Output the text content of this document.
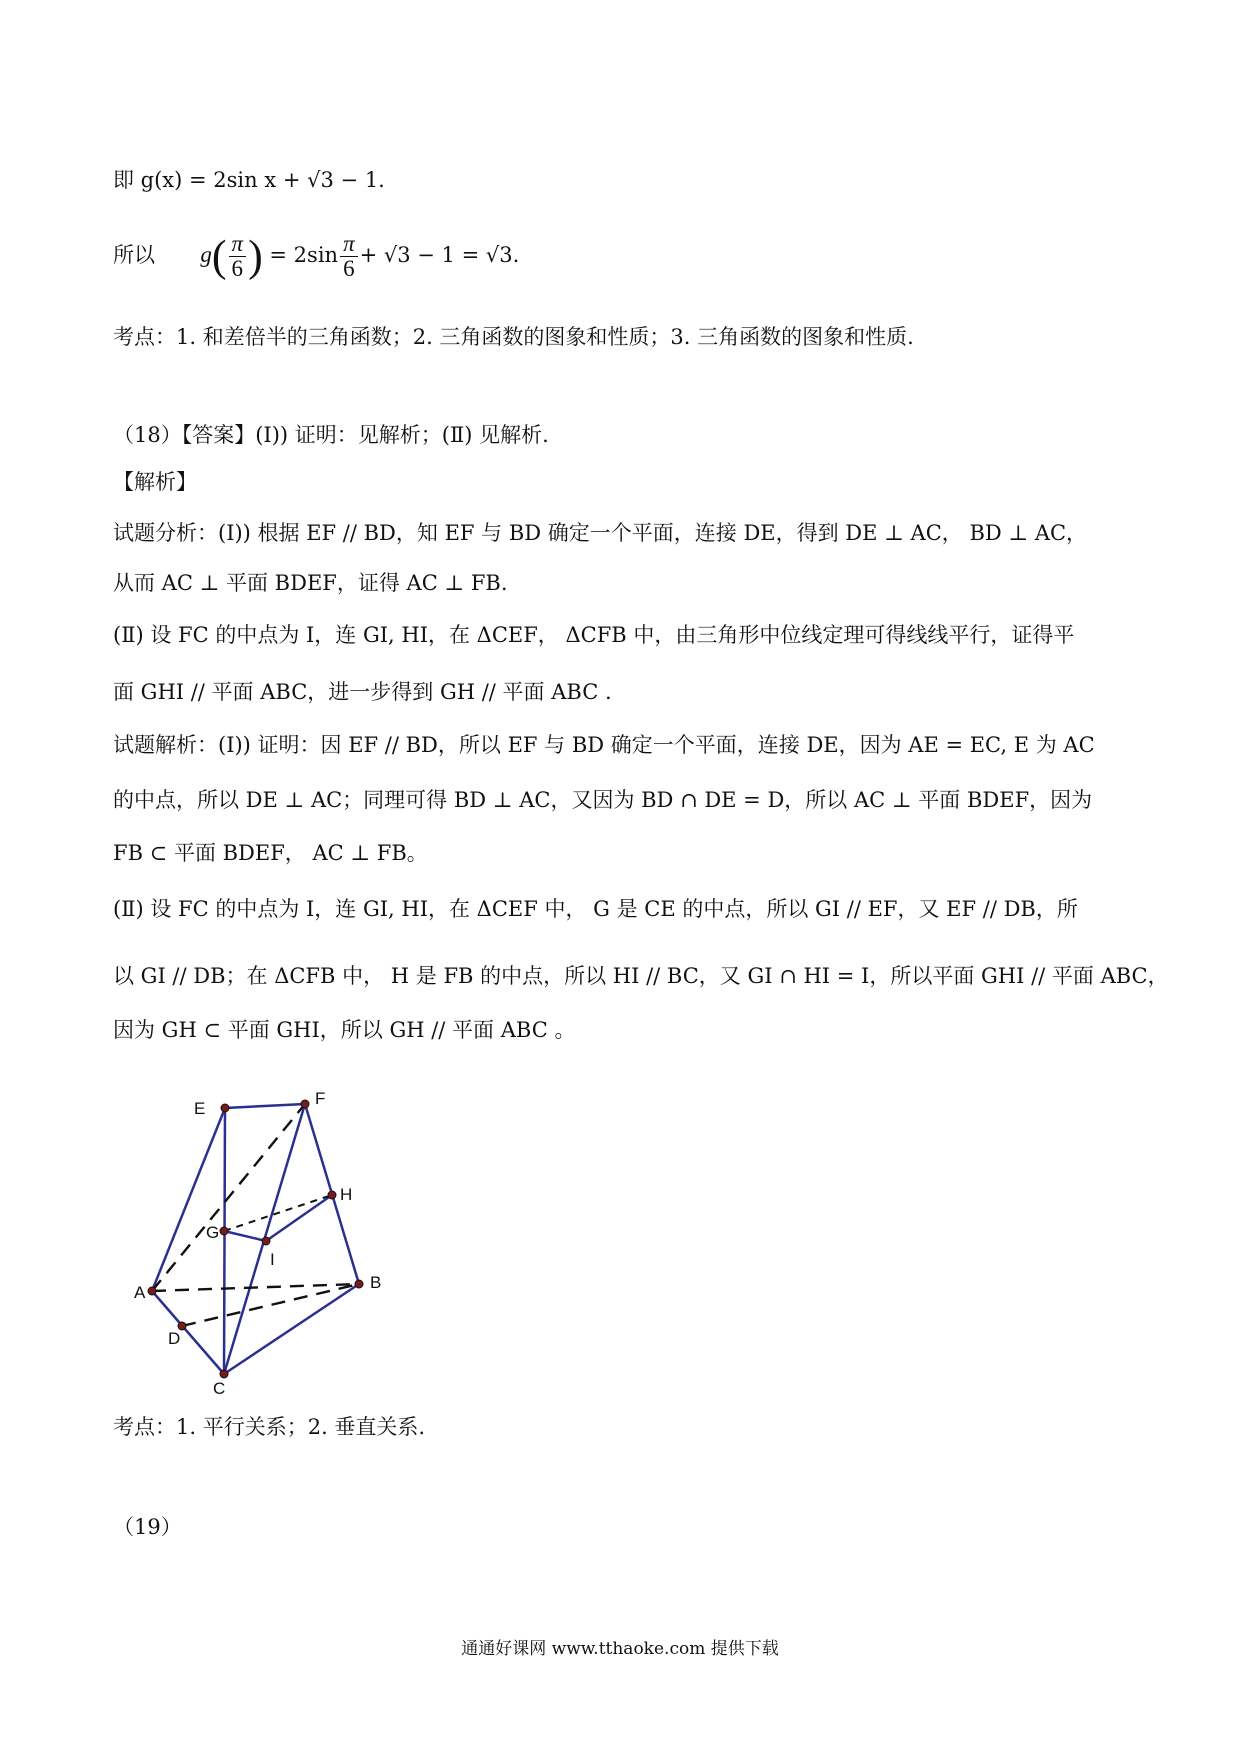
即 g(x) = 2sin x + √3 − 1.
所以 $g( \frac{\pi}{6}$ ) = $2\sin \frac{\pi}{6} + √3 - 1 = √3$.
考点：1. 和差倍半的三角函数；2. 三角函数的图象和性质；3. 三角函数的图象和性质.
（18）【答案】(Ⅰ)) 证明：见解析；(Ⅱ) 见解析.
【解析】
试题分析：(Ⅰ)) 根据 EF // BD，知 EF 与 BD 确定一个平面，连接 DE，得到 DE ⊥ AC， BD ⊥ AC，
从而 AC ⊥ 平面 BDEF，证得 AC ⊥ FB.
(Ⅱ) 设 FC 的中点为 I，连 GI, HI，在 ΔCEF， ΔCFB 中，由三角形中位线定理可得线线平行，证得平
面 GHI // 平面 ABC，进一步得到 GH // 平面 ABC .
试题解析：(Ⅰ)) 证明：因 EF // BD，所以 EF 与 BD 确定一个平面，连接 DE，因为 AE = EC, E 为 AC
的中点，所以 DE ⊥ AC；同理可得 BD ⊥ AC，又因为 BD ∩ DE = D，所以 AC ⊥ 平面 BDEF，因为
FB ⊂ 平面 BDEF， AC ⊥ FB。
(Ⅱ) 设 FC 的中点为 I，连 GI, HI，在 ΔCEF 中， G 是 CE 的中点，所以 GI // EF，又 EF // DB，所
以 GI // DB；在 ΔCFB 中， H 是 FB 的中点，所以 HI // BC，又 GI ∩ HI = I，所以平面 GHI // 平面 ABC，
因为 GH ⊂ 平面 GHI，所以 GH // 平面 ABC 。
E
F
H
G
I
A
B
D
C
考点：1. 平行关系；2. 垂直关系.
（19）
通通好课网 www.tthaoke.com 提供下载
